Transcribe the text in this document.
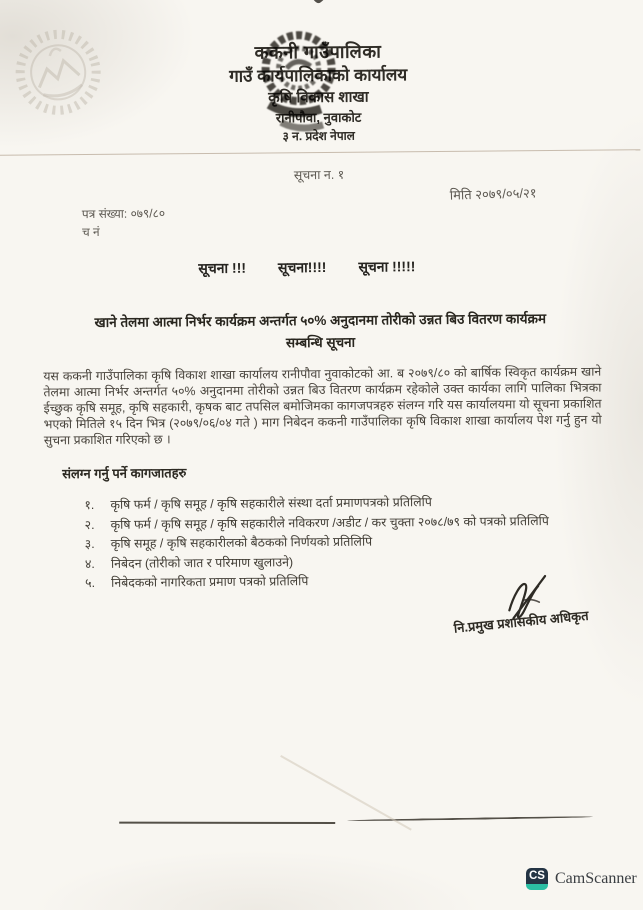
ककनी गाउँपालिका
गाउँ कार्यपालिकाको कार्यालय
कृषि विकास शाखा
रानीपौवा, नुवाकोट
३ न. प्रदेश नेपाल
सूचना न. १
मिति २०७९/०५/२१
पत्र संख्या: ०७९/८०
च नं
सूचना !!! सूचना!!!! सूचना !!!!!
खाने तेलमा आत्मा निर्भर कार्यक्रम अन्तर्गत ५०% अनुदानमा तोरीको उन्नत बिउ वितरण कार्यक्रम
सम्बन्धि सूचना
यस ककनी गाउँपालिका कृषि विकाश शाखा कार्यालय रानीपौवा नुवाकोटको आ. ब २०७९/८० को बार्षिक स्विकृत कार्यक्रम खाने तेलमा आत्मा निर्भर अन्तर्गत ५०% अनुदानमा तोरीको उन्नत बिउ वितरण कार्यक्रम रहेकोले उक्त कार्यका लागि पालिका भित्रका ईच्छुक कृषि समूह, कृषि सहकारी, कृषक बाट तपसिल बमोजिमका कागजपत्रहरु संलग्न गरि यस कार्यालयमा यो सूचना प्रकाशित भएको मितिले १५ दिन भित्र (२०७९/०६/०४ गते ) माग निबेदन ककनी गाउँपालिका कृषि विकाश शाखा कार्यालय पेश गर्नु हुन यो सुचना प्रकाशित गरिएको छ ।
संलग्न गर्नु पर्ने कागजातहरु
१. कृषि फर्म / कृषि समूह / कृषि सहकारीले संस्था दर्ता प्रमाणपत्रको प्रतिलिपि
२. कृषि फर्म / कृषि समूह / कृषि सहकारीले नविकरण /अडीट / कर चुक्ता २०७८/७९ को पत्रको प्रतिलिपि
३. कृषि समूह / कृषि सहकारीलको बैठकको निर्णयको प्रतिलिपि
४. निबेदन (तोरीको जात र परिमाण खुलाउने)
५. निबेदकको नागरिकता प्रमाण पत्रको प्रतिलिपि
नि.प्रमुख प्रशासकीय अधिकृत
CS CamScanner
